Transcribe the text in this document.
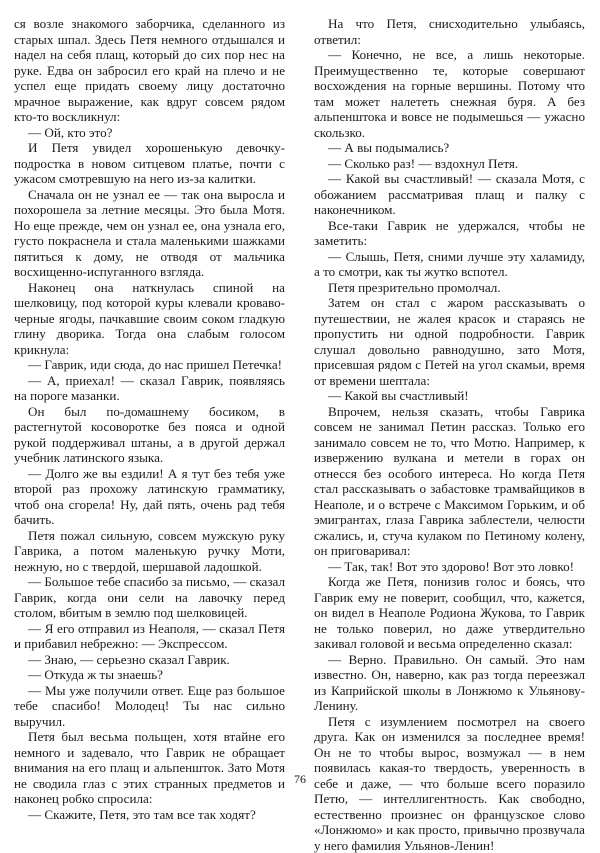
ся возле знакомого заборчика, сделанного из старых шпал. Здесь Петя немного отдышался и надел на себя плащ, который до сих пор нес на руке. Едва он забросил его край на плечо и не успел еще придать своему лицу достаточно мрачное выражение, как вдруг совсем рядом кто-то воскликнул:

— Ой, кто это?

И Петя увидел хорошенькую девочку-подростка в новом ситцевом платье, почти с ужасом смотревшую на него из-за калитки.

Сначала он не узнал ее — так она выросла и похорошела за летние месяцы. Это была Мотя. Но еще прежде, чем он узнал ее, она узнала его, густо покраснела и стала маленькими шажками пятиться к дому, не отводя от мальчика восхищенно-испуганного взгляда.

Наконец она наткнулась спиной на шелковицу, под которой куры клевали кроваво-черные ягоды, пачкавшие своим соком гладкую глину дворика. Тогда она слабым голосом крикнула:

— Гаврик, иди сюда, до нас пришел Петечка!

— А, приехал! — сказал Гаврик, появляясь на пороге мазанки.

Он был по-домашнему босиком, в растегнутой косоворотке без пояса и одной рукой поддерживал штаны, а в другой держал учебник латинского языка.

— Долго же вы ездили! А я тут без тебя уже второй раз прохожу латинскую грамматику, чтоб она сгорела! Ну, дай пять, очень рад тебя бачить.

Петя пожал сильную, совсем мужскую руку Гаврика, а потом маленькую ручку Моти, нежную, но с твердой, шершавой ладошкой.

— Большое тебе спасибо за письмо, — сказал Гаврик, когда они сели на лавочку перед столом, вбитым в землю под шелковицей.

— Я его отправил из Неаполя, — сказал Петя и прибавил небрежно: — Экспрессом.

— Знаю, — серьезно сказал Гаврик.

— Откуда ж ты знаешь?

— Мы уже получили ответ. Еще раз большое тебе спасибо! Молодец! Ты нас сильно выручил.

Петя был весьма польщен, хотя втайне его немного и задевало, что Гаврик не обращает внимания на его плащ и альпеншток. Зато Мотя не сводила глаз с этих странных предметов и наконец робко спросила:

— Скажите, Петя, это там все так ходят?

На что Петя, снисходительно улыбаясь, ответил:

— Конечно, не все, а лишь некоторые. Преимущественно те, которые совершают восхождения на горные вершины. Потому что там может налететь снежная буря. А без альпенштока и вовсе не подымешься — ужасно скользко.

— А вы подымались?

— Сколько раз! — вздохнул Петя.

— Какой вы счастливый! — сказала Мотя, с обожанием рассматривая плащ и палку с наконечником.

Все-таки Гаврик не удержался, чтобы не заметить:

— Слышь, Петя, сними лучше эту халамиду, а то смотри, как ты жутко вспотел.

Петя презрительно промолчал.

Затем он стал с жаром рассказывать о путешествии, не жалея красок и стараясь не пропустить ни одной подробности. Гаврик слушал довольно равнодушно, зато Мотя, присевшая рядом с Петей на угол скамьи, время от времени шептала:

— Какой вы счастливый!

Впрочем, нельзя сказать, чтобы Гаврика совсем не занимал Петин рассказ. Только его занимало совсем не то, что Мотю. Например, к извержению вулкана и метели в горах он отнесся без особого интереса. Но когда Петя стал рассказывать о забастовке трамвайщиков в Неаполе, и о встрече с Максимом Горьким, и об эмигрантах, глаза Гаврика заблестели, челюсти сжались, и, стуча кулаком по Петиному колену, он приговаривал:

— Так, так! Вот это здорово! Вот это ловко!

Когда же Петя, понизив голос и боясь, что Гаврик ему не поверит, сообщил, что, кажется, он видел в Неаполе Родиона Жукова, то Гаврик не только поверил, но даже утвердительно закивал головой и весьма определенно сказал:

— Верно. Правильно. Он самый. Это нам известно. Он, наверно, как раз тогда переезжал из Каприйской школы в Лонжюмо к Ульянову-Ленину.

Петя с изумлением посмотрел на своего друга. Как он изменился за последнее время! Он не то чтобы вырос, возмужал — в нем появилась какая-то твердость, уверенность в себе и даже, — что больше всего поразило Петю, — интеллигентность. Как свободно, естественно произнес он французское слово «Лонжюмо» и как просто, привычно прозвучала у него фамилия Ульянов-Ленин!

76
